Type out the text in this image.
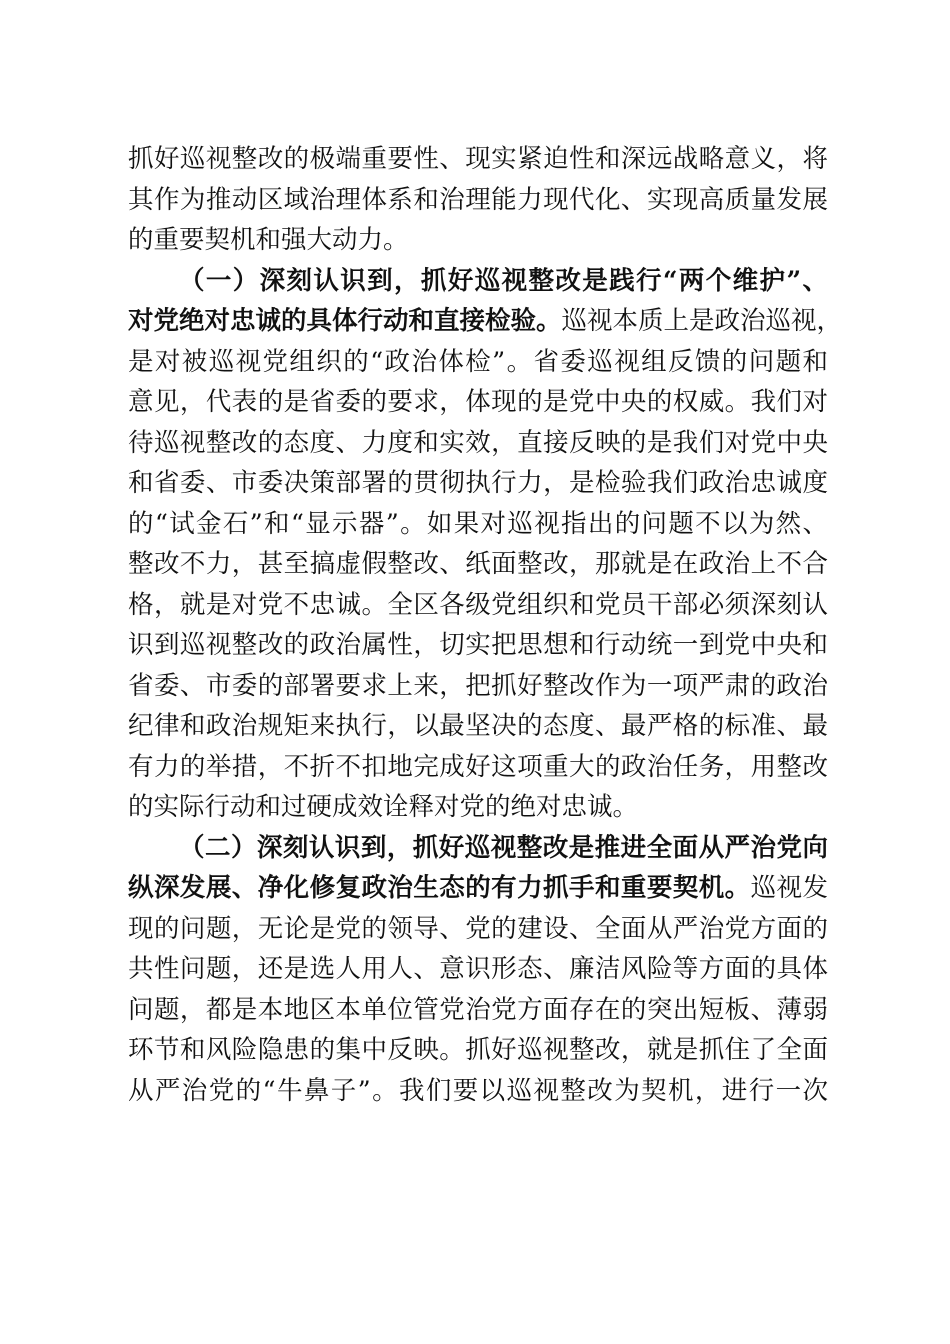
抓好巡视整改的极端重要性、现实紧迫性和深远战略意义，将
其作为推动区域治理体系和治理能力现代化、实现高质量发展
的重要契机和强大动力。
（一）深刻认识到，抓好巡视整改是践行“两个维护”、
对党绝对忠诚的具体行动和直接检验。巡视本质上是政治巡视，
是对被巡视党组织的“政治体检”。省委巡视组反馈的问题和
意见，代表的是省委的要求，体现的是党中央的权威。我们对
待巡视整改的态度、力度和实效，直接反映的是我们对党中央
和省委、市委决策部署的贯彻执行力，是检验我们政治忠诚度
的“试金石”和“显示器”。如果对巡视指出的问题不以为然、
整改不力，甚至搞虚假整改、纸面整改，那就是在政治上不合
格，就是对党不忠诚。全区各级党组织和党员干部必须深刻认
识到巡视整改的政治属性，切实把思想和行动统一到党中央和
省委、市委的部署要求上来，把抓好整改作为一项严肃的政治
纪律和政治规矩来执行，以最坚决的态度、最严格的标准、最
有力的举措，不折不扣地完成好这项重大的政治任务，用整改
的实际行动和过硬成效诠释对党的绝对忠诚。
（二）深刻认识到，抓好巡视整改是推进全面从严治党向
纵深发展、净化修复政治生态的有力抓手和重要契机。巡视发
现的问题，无论是党的领导、党的建设、全面从严治党方面的
共性问题，还是选人用人、意识形态、廉洁风险等方面的具体
问题，都是本地区本单位管党治党方面存在的突出短板、薄弱
环节和风险隐患的集中反映。抓好巡视整改，就是抓住了全面
从严治党的“牛鼻子”。我们要以巡视整改为契机，进行一次
